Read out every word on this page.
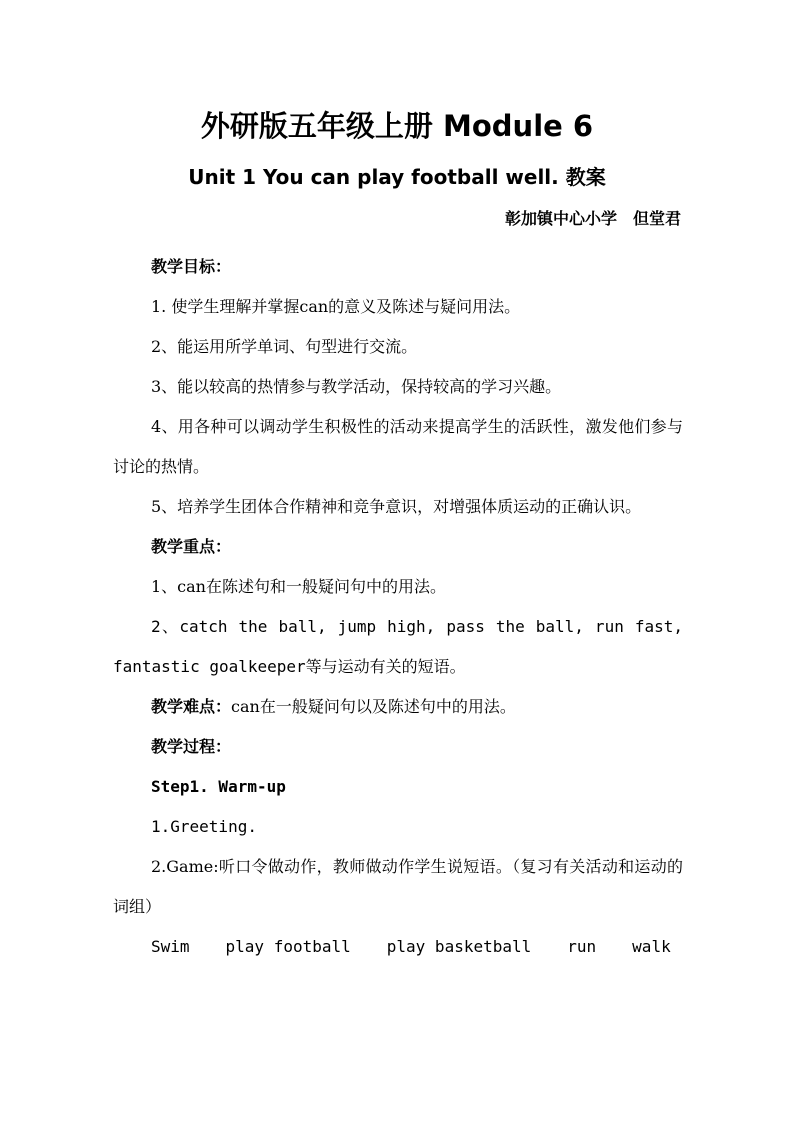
外研版五年级上册 Module 6
Unit 1 You can play football well. 教案
彰加镇中心小学　但堂君

教学目标：

1. 使学生理解并掌握can的意义及陈述与疑问用法。

2、能运用所学单词、句型进行交流。

3、能以较高的热情参与教学活动，保持较高的学习兴趣。

4、用各种可以调动学生积极性的活动来提高学生的活跃性，激发他们参与讨论的热情。

5、培养学生团体合作精神和竞争意识，对增强体质运动的正确认识。

教学重点：

1、can在陈述句和一般疑问句中的用法。

2、catch the ball, jump high, pass the ball, run fast, fantastic goalkeeper等与运动有关的短语。

教学难点：can在一般疑问句以及陈述句中的用法。

教学过程：

Step1. Warm-up

1.Greeting.

2.Game:听口令做动作，教师做动作学生说短语。（复习有关活动和运动的词组）

Swim play football play basketball run walk
